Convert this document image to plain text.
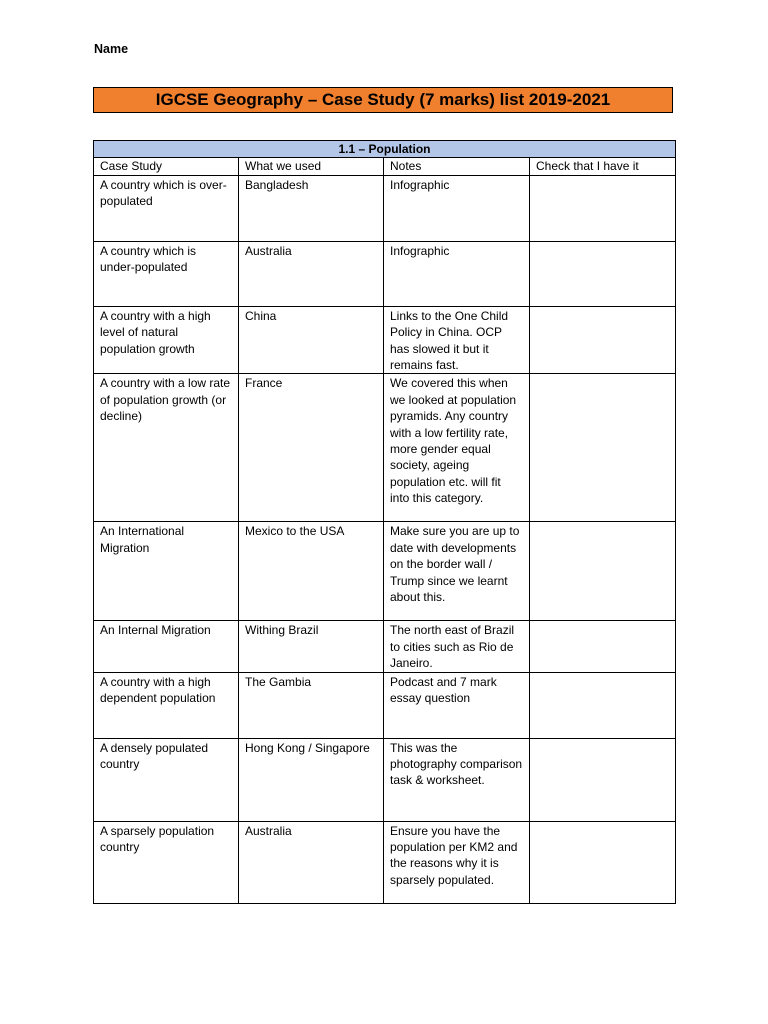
Name
IGCSE Geography – Case Study (7 marks) list 2019-2021
1.1 – Population			
Case Study	What we used	Notes	Check that I have it
A country which is over-populated	Bangladesh	Infographic	
A country which is under-populated	Australia	Infographic	
A country with a high level of natural population growth	China	Links to the One Child Policy in China. OCP has slowed it but it remains fast.	
A country with a low rate of population growth (or decline)	France	We covered this when we looked at population pyramids. Any country with a low fertility rate, more gender equal society, ageing population etc. will fit into this category.	
An International Migration	Mexico to the USA	Make sure you are up to date with developments on the border wall / Trump since we learnt about this.	
An Internal Migration	Withing Brazil	The north east of Brazil to cities such as Rio de Janeiro.	
A country with a high dependent population	The Gambia	Podcast and 7 mark essay question	
A densely populated country	Hong Kong / Singapore	This was the photography comparison task & worksheet.	
A sparsely population country	Australia	Ensure you have the population per KM2 and the reasons why it is sparsely populated.	
